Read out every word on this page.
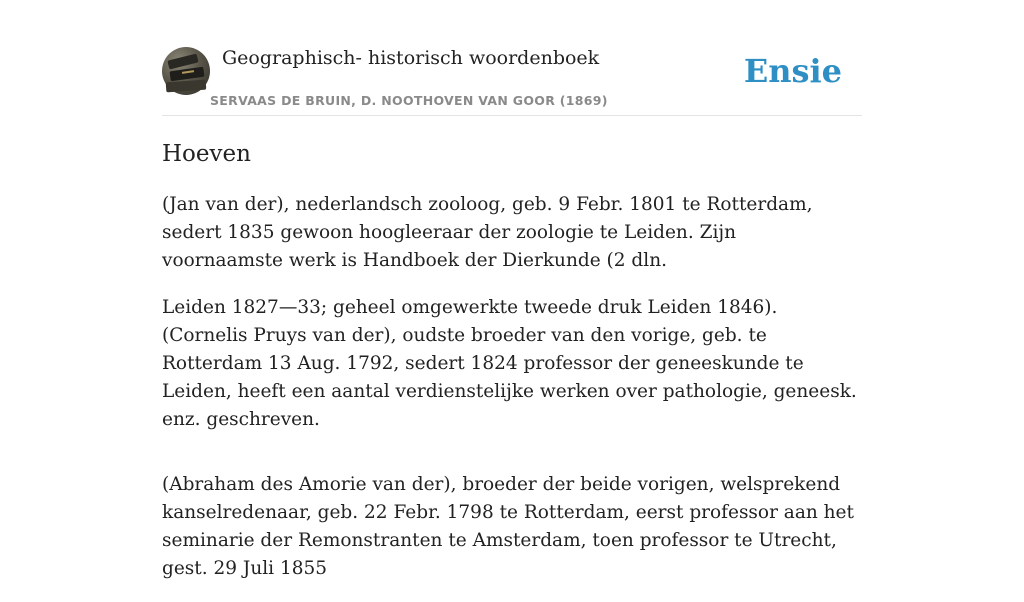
Geographisch- historisch woordenboek
SERVAAS DE BRUIN, D. NOOTHOVEN VAN GOOR (1869)
Ensie
Hoeven

(Jan van der), nederlandsch zooloog, geb. 9 Febr. 1801 te Rotterdam, sedert 1835 gewoon hoogleeraar der zoologie te Leiden. Zijn voornaamste werk is Handboek der Dierkunde (2 dln.

Leiden 1827—33; geheel omgewerkte tweede druk Leiden 1846).(Cornelis Pruys van der), oudste broeder van den vorige, geb. te Rotterdam 13 Aug. 1792, sedert 1824 professor der geneeskunde te Leiden, heeft een aantal verdienstelijke werken over pathologie, geneesk. enz. geschreven.

(Abraham des Amorie van der), broeder der beide vorigen, welsprekend kanselredenaar, geb. 22 Febr. 1798 te Rotterdam, eerst professor aan het seminarie der Remonstranten te Amsterdam, toen professor te Utrecht, gest. 29 Juli 1855
